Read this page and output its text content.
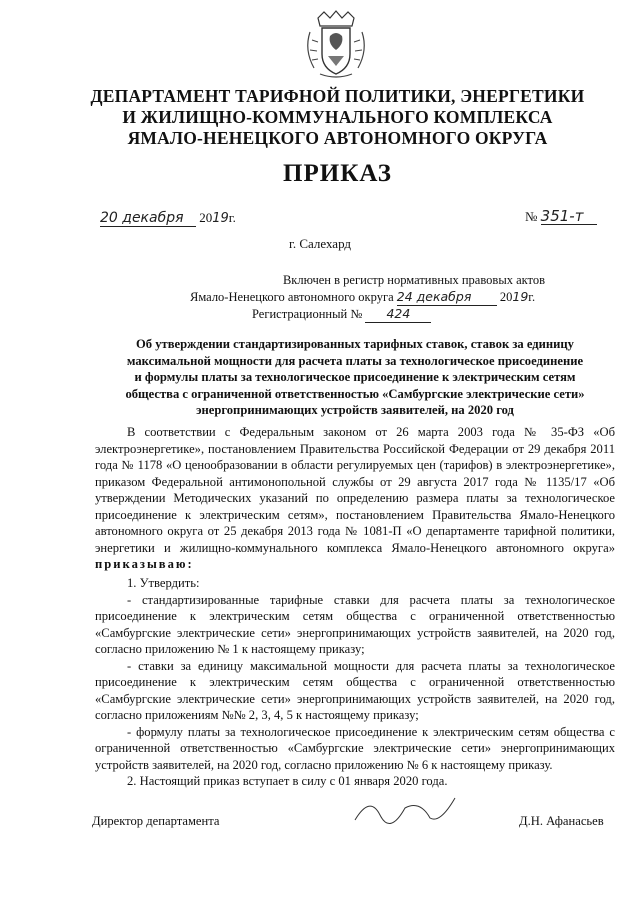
ДЕПАРТАМЕНТ ТАРИФНОЙ ПОЛИТИКИ, ЭНЕРГЕТИКИ
И ЖИЛИЩНО-КОММУНАЛЬНОГО КОМПЛЕКСА
ЯМАЛО-НЕНЕЦКОГО АВТОНОМНОГО ОКРУГА
ПРИКАЗ
20 декабря 2019г.	№ 351-т
г. Салехард
Включен в регистр нормативных правовых актов
Ямало-Ненецкого автономного округа 24 декабря 2019г.
Регистрационный № 424
Об утверждении стандартизированных тарифных ставок, ставок за единицу
максимальной мощности для расчета платы за технологическое присоединение
и формулы платы за технологическое присоединение к электрическим сетям
общества с ограниченной ответственностью «Самбургские электрические сети»
энергопринимающих устройств заявителей, на 2020 год

В соответствии с Федеральным законом от 26 марта 2003 года № 35-ФЗ «Об электроэнергетике», постановлением Правительства Российской Федерации от 29 декабря 2011 года № 1178 «О ценообразовании в области регулируемых цен (тарифов) в электроэнергетике», приказом Федеральной антимонопольной службы от 29 августа 2017 года № 1135/17 «Об утверждении Методических указаний по определению размера платы за технологическое присоединение к электрическим сетям», постановлением Правительства Ямало-Ненецкого автономного округа от 25 декабря 2013 года № 1081-П «О департаменте тарифной политики, энергетики и жилищно-коммунального комплекса Ямало-Ненецкого автономного округа» приказываю:

1. Утвердить:

- стандартизированные тарифные ставки для расчета платы за технологическое присоединение к электрическим сетям общества с ограниченной ответственностью «Самбургские электрические сети» энергопринимающих устройств заявителей, на 2020 год, согласно приложению № 1 к настоящему приказу;

- ставки за единицу максимальной мощности для расчета платы за технологическое присоединение к электрическим сетям общества с ограниченной ответственностью «Самбургские электрические сети» энергопринимающих устройств заявителей, на 2020 год, согласно приложениям №№ 2, 3, 4, 5 к настоящему приказу;

- формулу платы за технологическое присоединение к электрическим сетям общества с ограниченной ответственностью «Самбургские электрические сети» энергопринимающих устройств заявителей, на 2020 год, согласно приложению № 6 к настоящему приказу.

2. Настоящий приказ вступает в силу с 01 января 2020 года.

Директор департамента	Д.Н. Афанасьев
